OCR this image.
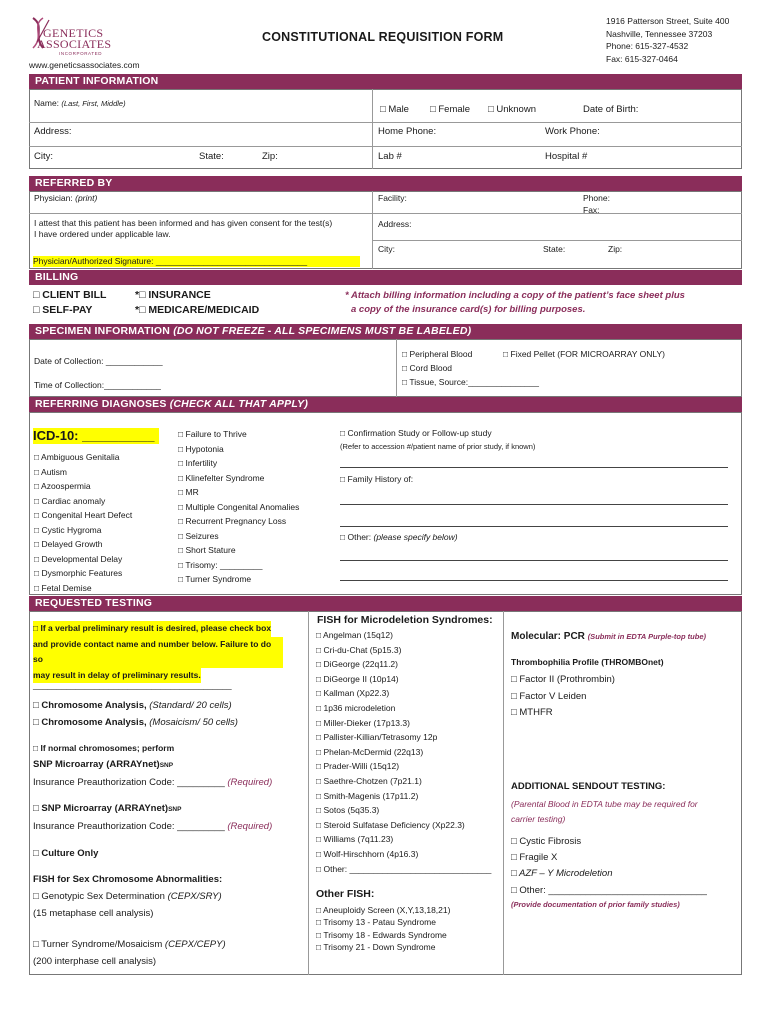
GENETICS
ASSOCIATES
INCORPORATED
www.geneticsassociates.com
CONSTITUTIONAL REQUISITION FORM
1916 Patterson Street, Suite 400
Nashville, Tennessee 37203
Phone: 615-327-4532
Fax: 615-327-0464
PATIENT INFORMATION
Name: (Last, First, Middle)
□ Male □ Female □ Unknown	Date of Birth:
Address:	Home Phone:	Work Phone:
City:	State:	Zip:	Lab #	Hospital #
REFERRED BY
Physician: (print)	Facility:	Phone:
Fax:
I attest that this patient has been informed and has given consent for the test(s)
I have ordered under applicable law.
Address:
City:	State:	Zip:
Physician/Authorized Signature: ________________________________
BILLING
□ CLIENT BILL
□ SELF-PAY
*□ INSURANCE
*□ MEDICARE/MEDICAID
* Attach billing information including a copy of the patient’s face sheet plus
a copy of the insurance card(s) for billing purposes.
SPECIMEN INFORMATION (DO NOT FREEZE - ALL SPECIMENS MUST BE LABELED)
Date of Collection: ____________
Time of Collection:____________
□ Peripheral Blood	□ Fixed Pellet (FOR MICROARRAY ONLY)
□ Cord Blood
□ Tissue, Source:_______________
REFERRING DIAGNOSES (CHECK ALL THAT APPLY)
ICD-10: __________
□ Ambiguous Genitalia
□ Autism
□ Azoospermia
□ Cardiac anomaly
□ Congenital Heart Defect
□ Cystic Hygroma
□ Delayed Growth
□ Developmental Delay
□ Dysmorphic Features
□ Fetal Demise
□ Failure to Thrive
□ Hypotonia
□ Infertility
□ Klinefelter Syndrome
□ MR
□ Multiple Congenital Anomalies
□ Recurrent Pregnancy Loss
□ Seizures
□ Short Stature
□ Trisomy: _________
□ Turner Syndrome
□ Confirmation Study or Follow-up study
(Refer to accession #/patient name of prior study, if known)
□ Family History of:
□ Other: (please specify below)
REQUESTED TESTING
□ If a verbal preliminary result is desired, please check box
and provide contact name and number below. Failure to do so
may result in delay of preliminary results.
__________________________________________
□ Chromosome Analysis, (Standard/ 20 cells)
□ Chromosome Analysis, (Mosaicism/ 50 cells)
□ If normal chromosomes; perform
SNP Microarray (ARRAYnet)SNP
Insurance Preauthorization Code: _________ (Required)
□ SNP Microarray (ARRAYnet)SNP
Insurance Preauthorization Code: _________ (Required)
□ Culture Only
FISH for Sex Chromosome Abnormalities:
□ Genotypic Sex Determination (CEPX/SRY)
(15 metaphase cell analysis)
□ Turner Syndrome/Mosaicism (CEPX/CEPY)
(200 interphase cell analysis)
FISH for Microdeletion Syndromes:
□ Angelman (15q12)
□ Cri-du-Chat (5p15.3)
□ DiGeorge (22q11.2)
□ DiGeorge II (10p14)
□ Kallman (Xp22.3)
□ 1p36 microdeletion
□ Miller-Dieker (17p13.3)
□ Pallister-Killian/Tetrasomy 12p
□ Phelan-McDermid (22q13)
□ Prader-Willi (15q12)
□ Saethre-Chotzen (7p21.1)
□ Smith-Magenis (17p11.2)
□ Sotos (5q35.3)
□ Steroid Sulfatase Deficiency (Xp22.3)
□ Williams (7q11.23)
□ Wolf-Hirschhorn (4p16.3)
□ Other: ______________________________
Other FISH:
□ Aneuploidy Screen (X,Y,13,18,21)
□ Trisomy 13 - Patau Syndrome
□ Trisomy 18 - Edwards Syndrome
□ Trisomy 21 - Down Syndrome
Molecular: PCR (Submit in EDTA Purple-top tube)
Thrombophilia Profile (THROMBOnet)
□ Factor II (Prothrombin)
□ Factor V Leiden
□ MTHFR
ADDITIONAL SENDOUT TESTING:
(Parental Blood in EDTA tube may be required for
carrier testing)
□ Cystic Fibrosis
□ Fragile X
□ AZF – Y Microdeletion
□ Other: ______________________________
(Provide documentation of prior family studies)
